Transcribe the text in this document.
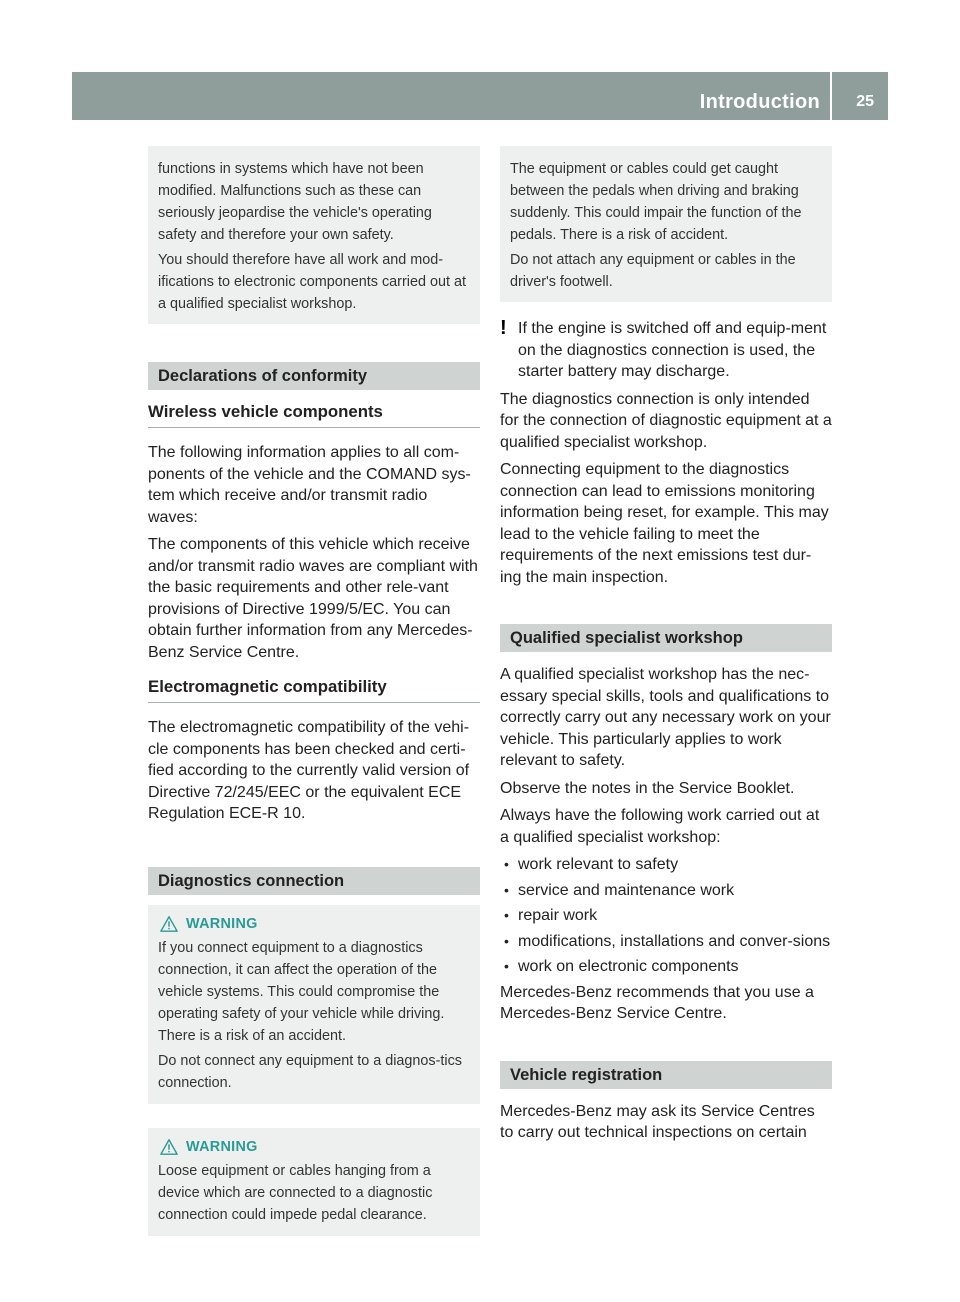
Introduction 25

functions in systems which have not been modified. Malfunctions such as these can seriously jeopardise the vehicle's operating safety and therefore your own safety.

You should therefore have all work and mod-ifications to electronic components carried out at a qualified specialist workshop.

Declarations of conformity
Wireless vehicle components

The following information applies to all com-ponents of the vehicle and the COMAND sys-tem which receive and/or transmit radio waves:

The components of this vehicle which receive and/or transmit radio waves are compliant with the basic requirements and other rele-vant provisions of Directive 1999/5/EC. You can obtain further information from any Mercedes-Benz Service Centre.

Electromagnetic compatibility

The electromagnetic compatibility of the vehi-cle components has been checked and certi-fied according to the currently valid version of Directive 72/245/EEC or the equivalent ECE Regulation ECE-R 10.

Diagnostics connection
WARNING

If you connect equipment to a diagnostics connection, it can affect the operation of the vehicle systems. This could compromise the operating safety of your vehicle while driving. There is a risk of an accident.

Do not connect any equipment to a diagnos-tics connection.

WARNING

Loose equipment or cables hanging from a device which are connected to a diagnostic connection could impede pedal clearance.

The equipment or cables could get caught between the pedals when driving and braking suddenly. This could impair the function of the pedals. There is a risk of accident.

Do not attach any equipment or cables in the driver's footwell.

! If the engine is switched off and equip-ment on the diagnostics connection is used, the starter battery may discharge.

The diagnostics connection is only intended for the connection of diagnostic equipment at a qualified specialist workshop.

Connecting equipment to the diagnostics connection can lead to emissions monitoring information being reset, for example. This may lead to the vehicle failing to meet the requirements of the next emissions test dur-ing the main inspection.

Qualified specialist workshop

A qualified specialist workshop has the nec-essary special skills, tools and qualifications to correctly carry out any necessary work on your vehicle. This particularly applies to work relevant to safety.

Observe the notes in the Service Booklet.

Always have the following work carried out at a qualified specialist workshop:

• work relevant to safety
• service and maintenance work
• repair work
• modifications, installations and conver-sions
• work on electronic components

Mercedes-Benz recommends that you use a Mercedes-Benz Service Centre.

Vehicle registration

Mercedes-Benz may ask its Service Centres to carry out technical inspections on certain
